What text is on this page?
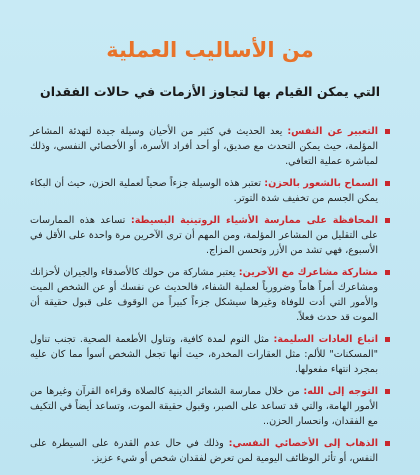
من الأساليب العملية
التي يمكن القيام بها لتجاوز الأزمات في حالات الفقدان
التعبير عن النفس: يعد الحديث في كثير من الأحيان وسيلة جيدة لتهدئة المشاعر المؤلمة، حيث يمكن التحدث مع صديق، أو أحد أفراد الأسرة، أو الأخصائي النفسي، وذلك لمباشرة عملية التعافي.
السماح بالشعور بالحزن: تعتبر هذه الوسيلة جزءاً صحياً لعملية الحزن، حيث أن البكاء يمكن الجسم من تخفيف شدة التوتر.
المحافظة على ممارسة الأشياء الروتينية البسيطة: تساعد هذه الممارسات على التقليل من المشاعر المؤلمة، ومن المهم أن ترى الآخرين مرة واحدة على الأقل في الأسبوع، فهي تشد من الأزر وتحسن المزاج.
مشاركة مشاعرك مع الآخرين: يعتبر مشاركة من حولك كالأصدقاء والجيران لأحزانك ومشاعرك أمراً هاماً وضرورياً لعملية الشفاء، فالحديث عن نفسك أو عن الشخص الميت والأمور التي أدت للوفاة وغيرها سيشكل جزءاً كبيراً من الوقوف على قبول حقيقة أن الموت قد حدث فعلاً.
اتباع العادات السليمة: مثل النوم لمدة كافية، وتناول الأطعمة الصحية. تجنب تناول "المسكنات" للألم: مثل العقارات المخدرة، حيث أنها تجعل الشخص أسوأ مما كان عليه بمجرد انتهاء مفعولها.
التوجه إلى الله: من خلال ممارسة الشعائر الدينية كالصلاة وقراءة القرآن وغيرها من الأمور الهامة، والتي قد تساعد على الصبر، وقبول حقيقة الموت، وتساعد أيضاً في التكيف مع الفقدان، وانحسار الحزن..
الذهاب إلى الأخصائي النفسي: وذلك في حال عدم القدرة على السيطرة على النفس، أو تأثر الوظائف اليومية لمن تعرض لفقدان شخص أو شيء عزيز.
